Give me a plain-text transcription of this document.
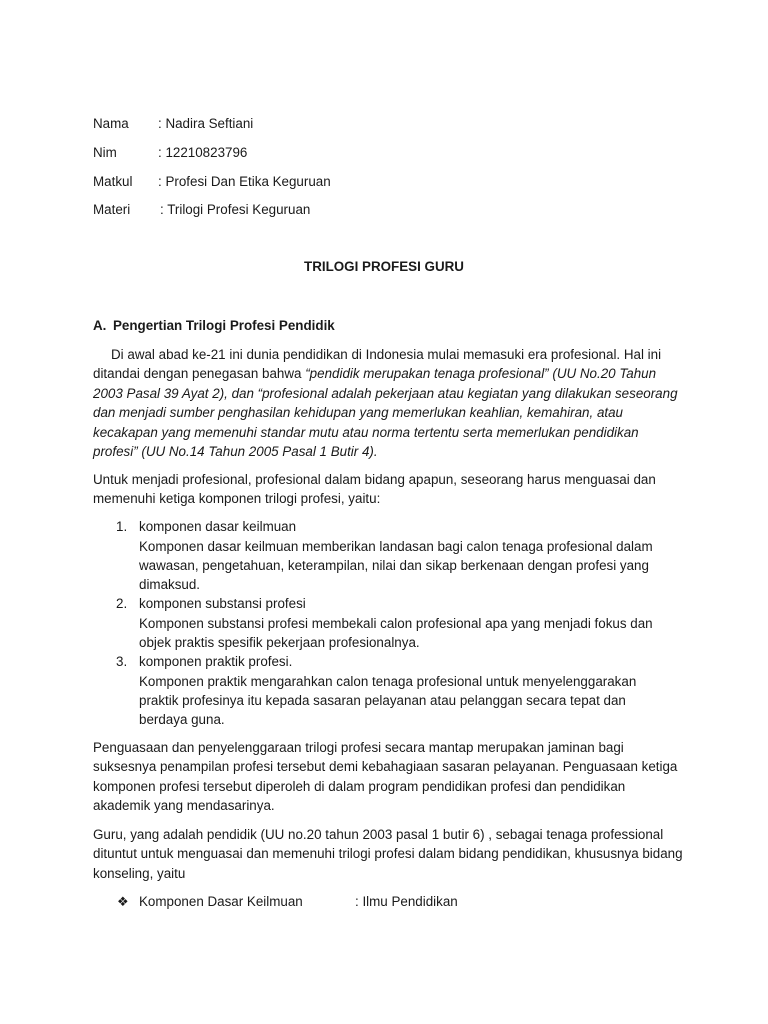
Nama : Nadira Seftiani
Nim	: 12210823796
Matkul : Profesi Dan Etika Keguruan
Materi : Trilogi Profesi Keguruan
TRILOGI PROFESI GURU
A. Pengertian Trilogi Profesi Pendidik
Di awal abad ke-21 ini dunia pendidikan di Indonesia mulai memasuki era profesional. Hal ini ditandai dengan penegasan bahwa “pendidik merupakan tenaga profesional” (UU No.20 Tahun 2003 Pasal 39 Ayat 2), dan “profesional adalah pekerjaan atau kegiatan yang dilakukan seseorang dan menjadi sumber penghasilan kehidupan yang memerlukan keahlian, kemahiran, atau kecakapan yang memenuhi standar mutu atau norma tertentu serta memerlukan pendidikan profesi” (UU No.14 Tahun 2005 Pasal 1 Butir 4).
Untuk menjadi profesional, profesional dalam bidang apapun, seseorang harus menguasai dan memenuhi ketiga komponen trilogi profesi, yaitu:
1. komponen dasar keilmuan
Komponen dasar keilmuan memberikan landasan bagi calon tenaga profesional dalam wawasan, pengetahuan, keterampilan, nilai dan sikap berkenaan dengan profesi yang dimaksud.
2. komponen substansi profesi
Komponen substansi profesi membekali calon profesional apa yang menjadi fokus dan objek praktis spesifik pekerjaan profesionalnya.
3. komponen praktik profesi.
Komponen praktik mengarahkan calon tenaga profesional untuk menyelenggarakan praktik profesinya itu kepada sasaran pelayanan atau pelanggan secara tepat dan berdaya guna.
Penguasaan dan penyelenggaraan trilogi profesi secara mantap merupakan jaminan bagi suksesnya penampilan profesi tersebut demi kebahagiaan sasaran pelayanan. Penguasaan ketiga komponen profesi tersebut diperoleh di dalam program pendidikan profesi dan pendidikan akademik yang mendasarinya.
Guru, yang adalah pendidik (UU no.20 tahun 2003 pasal 1 butir 6) , sebagai tenaga professional dituntut untuk menguasai dan memenuhi trilogi profesi dalam bidang pendidikan, khususnya bidang konseling, yaitu
❖ Komponen Dasar Keilmuan	: Ilmu Pendidikan
